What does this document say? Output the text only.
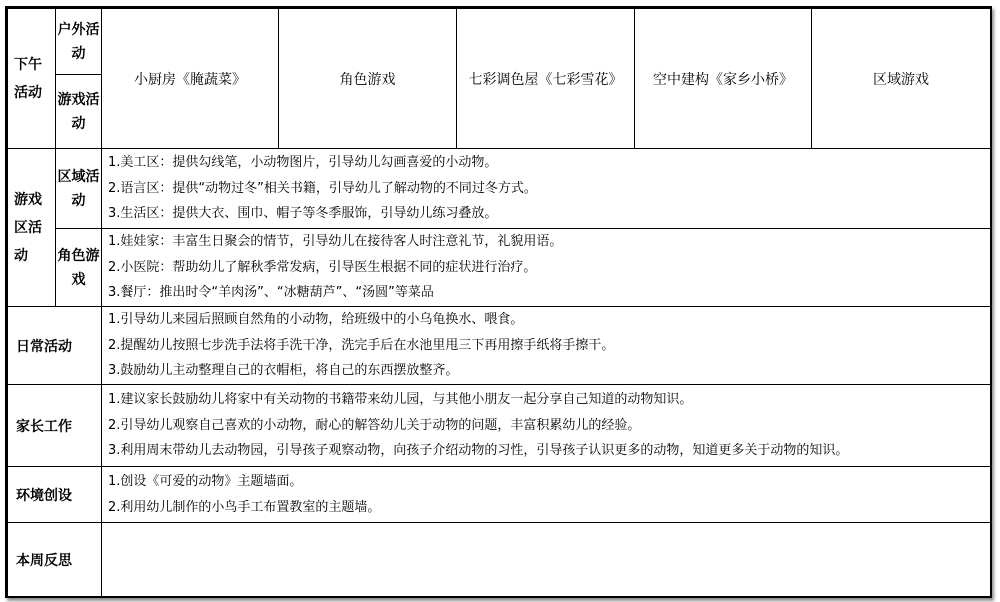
下午活动	户外活动	小厨房《腌蔬菜》	角色游戏	七彩调色屋《七彩雪花》	空中建构《家乡小桥》	区域游戏
	游戏活动					
游戏区活动	区域活动	1.美工区：提供勾线笔，小动物图片，引导幼儿勾画喜爱的小动物。
2.语言区：提供“动物过冬”相关书籍，引导幼儿了解动物的不同过冬方式。
3.生活区：提供大衣、围巾、帽子等冬季服饰，引导幼儿练习叠放。				

	角色游戏	1.娃娃家：丰富生日聚会的情节，引导幼儿在接待客人时注意礼节，礼貌用语。
2.小医院：帮助幼儿了解秋季常发病，引导医生根据不同的症状进行治疗。
3.餐厅：推出时令“羊肉汤”、“冰糖葫芦”、“汤圆”等菜品				

日常活动		1.引导幼儿来园后照顾自然角的小动物，给班级中的小乌龟换水、喂食。
2.提醒幼儿按照七步洗手法将手洗干净，洗完手后在水池里甩三下再用擦手纸将手擦干。
3.鼓励幼儿主动整理自己的衣帽柜，将自己的东西摆放整齐。				

家长工作		1.建议家长鼓励幼儿将家中有关动物的书籍带来幼儿园，与其他小朋友一起分享自己知道的动物知识。
2.引导幼儿观察自己喜欢的小动物，耐心的解答幼儿关于动物的问题，丰富积累幼儿的经验。
3.利用周末带幼儿去动物园，引导孩子观察动物，向孩子介绍动物的习性，引导孩子认识更多的动物，知道更多关于动物的知识。				

环境创设		1.创设《可爱的动物》主题墙面。
2.利用幼儿制作的小鸟手工布置教室的主题墙。				

本周反思						
